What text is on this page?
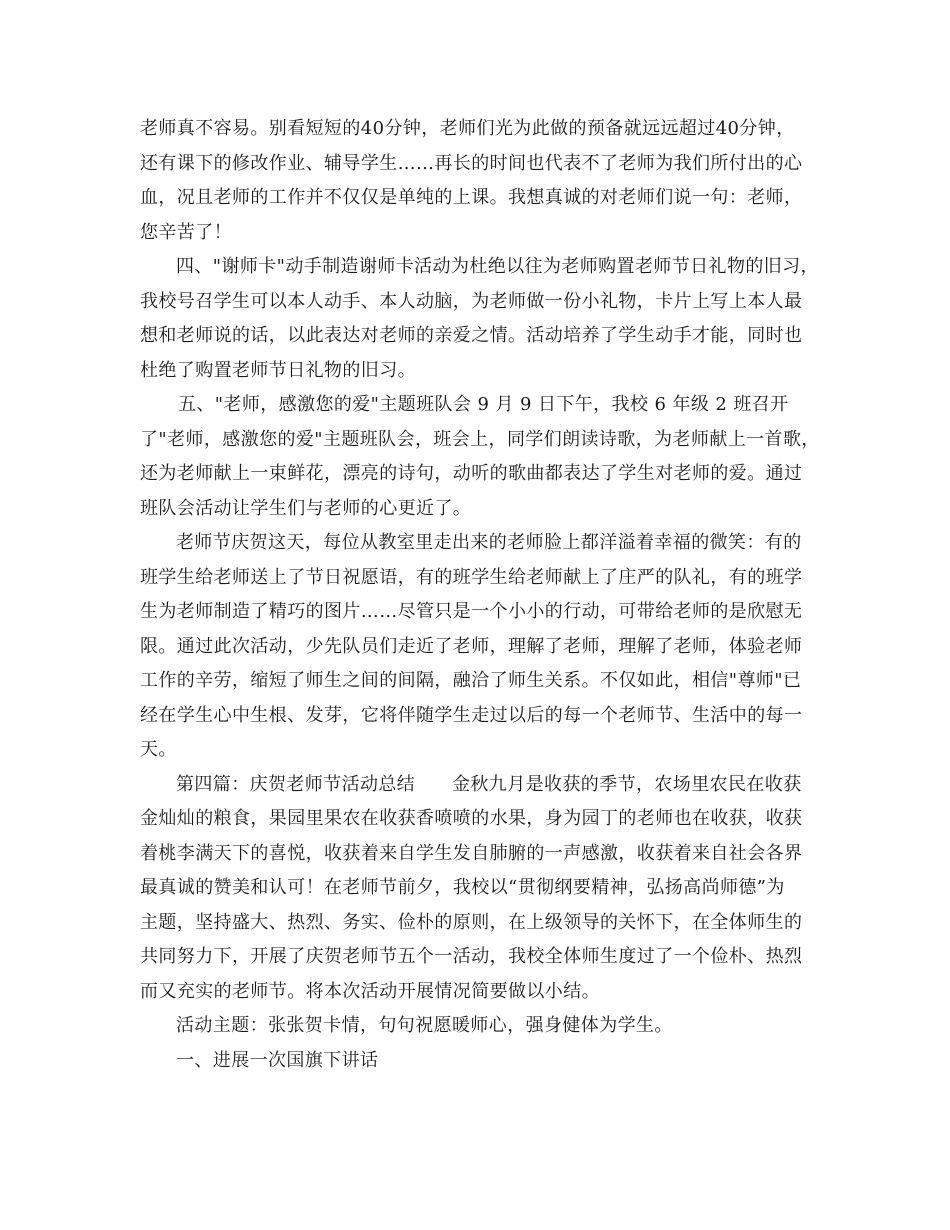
老师真不容易。别看短短的40分钟，老师们光为此做的预备就远远超过40分钟，
还有课下的修改作业、辅导学生……再长的时间也代表不了老师为我们所付出的心
血，况且老师的工作并不仅仅是单纯的上课。我想真诚的对老师们说一句：老师，
您辛苦了！
四、"谢师卡"动手制造谢师卡活动为杜绝以往为老师购置老师节日礼物的旧习，
我校号召学生可以本人动手、本人动脑，为老师做一份小礼物，卡片上写上本人最
想和老师说的话，以此表达对老师的亲爱之情。活动培养了学生动手才能，同时也
杜绝了购置老师节日礼物的旧习。
五、"老师，感激您的爱"主题班队会 9 月 9 日下午，我校 6 年级 2 班召开
了"老师，感激您的爱"主题班队会，班会上，同学们朗读诗歌，为老师献上一首歌，
还为老师献上一束鲜花，漂亮的诗句，动听的歌曲都表达了学生对老师的爱。通过
班队会活动让学生们与老师的心更近了。
老师节庆贺这天，每位从教室里走出来的老师脸上都洋溢着幸福的微笑：有的
班学生给老师送上了节日祝愿语，有的班学生给老师献上了庄严的队礼，有的班学
生为老师制造了精巧的图片……尽管只是一个小小的行动，可带给老师的是欣慰无
限。通过此次活动，少先队员们走近了老师，理解了老师，理解了老师，体验老师
工作的辛劳，缩短了师生之间的间隔，融洽了师生关系。不仅如此，相信"尊师"已
经在学生心中生根、发芽，它将伴随学生走过以后的每一个老师节、生活中的每一
天。
第四篇：庆贺老师节活动总结　　金秋九月是收获的季节，农场里农民在收获
金灿灿的粮食，果园里果农在收获香喷喷的水果，身为园丁的老师也在收获，收获
着桃李满天下的喜悦，收获着来自学生发自肺腑的一声感激，收获着来自社会各界
最真诚的赞美和认可！在老师节前夕，我校以“贯彻纲要精神，弘扬高尚师德”为
主题，坚持盛大、热烈、务实、俭朴的原则，在上级领导的关怀下，在全体师生的
共同努力下，开展了庆贺老师节五个一活动，我校全体师生度过了一个俭朴、热烈
而又充实的老师节。将本次活动开展情况简要做以小结。
活动主题：张张贺卡情，句句祝愿暖师心，强身健体为学生。
一、进展一次国旗下讲话
